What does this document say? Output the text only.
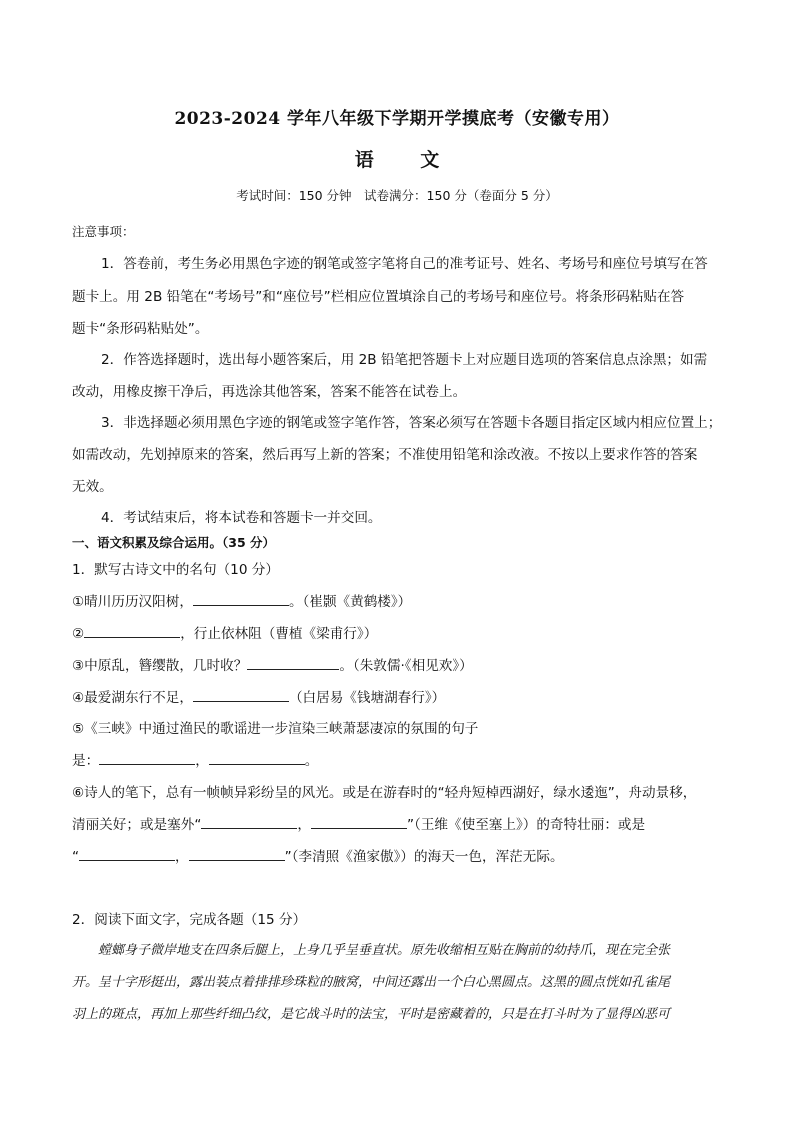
2023-2024 学年八年级下学期开学摸底考（安徽专用）
语 文
考试时间：150 分钟　试卷满分：150 分（卷面分 5 分）
注意事项：
1．答卷前，考生务必用黑色字迹的钢笔或签字笔将自己的准考证号、姓名、考场号和座位号填写在答
题卡上。用 2B 铅笔在“考场号”和“座位号”栏相应位置填涂自己的考场号和座位号。将条形码粘贴在答
题卡“条形码粘贴处”。
2．作答选择题时，选出每小题答案后，用 2B 铅笔把答题卡上对应题目选项的答案信息点涂黑；如需
改动，用橡皮擦干净后，再选涂其他答案，答案不能答在试卷上。
3．非选择题必须用黑色字迹的钢笔或签字笔作答，答案必须写在答题卡各题目指定区域内相应位置上；
如需改动，先划掉原来的答案，然后再写上新的答案；不准使用铅笔和涂改液。不按以上要求作答的答案
无效。
4．考试结束后，将本试卷和答题卡一并交回。
一、语文积累及综合运用。（35 分）
1．默写古诗文中的名句（10 分）
①晴川历历汉阳树，	。（崔颢《黄鹤楼》）
②	，行止依林阻（曹植《梁甫行》）
③中原乱，簪缨散，几时收？	。（朱敦儒·《相见欢》）
④最爱湖东行不足，	（白居易《钱塘湖春行》）
⑤《三峡》中通过渔民的歌谣进一步渲染三峡萧瑟凄凉的氛围的句子
是：	，	。
⑥诗人的笔下，总有一帧帧异彩纷呈的风光。或是在游春时的“轻舟短棹西湖好，绿水逶迤”，舟动景移，
清丽关好；或是塞外“	，	”（王维《使至塞上》）的奇特壮丽：或是
“	，	”（李清照《渔家傲》）的海天一色，浑茫无际。
2．阅读下面文字，完成各题（15 分）
螳螂身子微岸地支在四条后腿上，上身几乎呈垂直状。原先收缩相互贴在胸前的幼持爪，现在完全张
开。呈十字形挺出，露出装点着排排珍珠粒的腋窝，中间还露出一个白心黑圆点。这黑的圆点恍如孔雀尾
羽上的斑点，再加上那些纤细凸纹，是它战斗时的法宝，平时是密藏着的，只是在打斗时为了显得凶恶可
